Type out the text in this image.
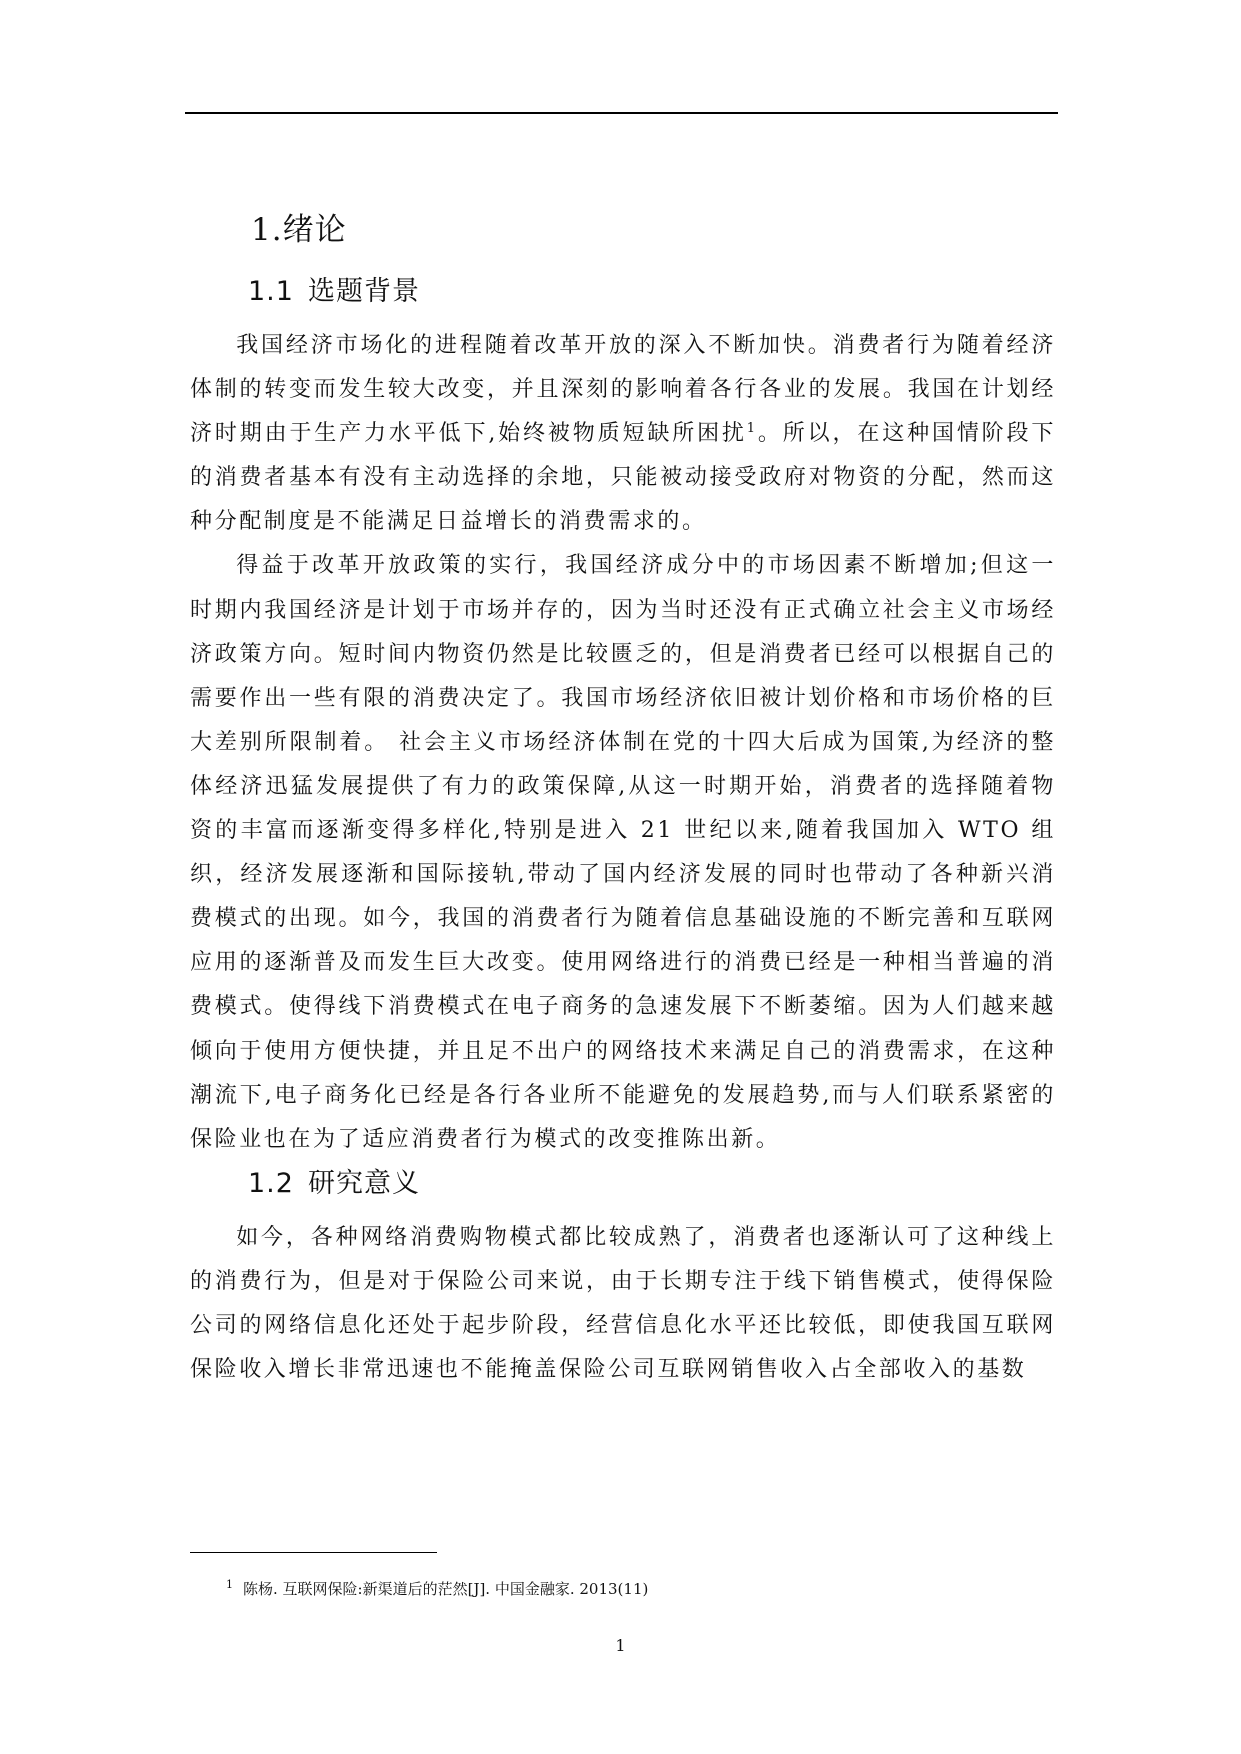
1.绪论
1.1 选题背景

我国经济市场化的进程随着改革开放的深入不断加快。消费者行为随着经济体制的转变而发生较大改变，并且深刻的影响着各行各业的发展。我国在计划经济时期由于生产力水平低下,始终被物质短缺所困扰$^1$。所以，在这种国情阶段下的消费者基本有没有主动选择的余地，只能被动接受政府对物资的分配，然而这种分配制度是不能满足日益增长的消费需求的。

得益于改革开放政策的实行，我国经济成分中的市场因素不断增加;但这一时期内我国经济是计划于市场并存的，因为当时还没有正式确立社会主义市场经济政策方向。短时间内物资仍然是比较匮乏的，但是消费者已经可以根据自己的需要作出一些有限的消费决定了。我国市场经济依旧被计划价格和市场价格的巨大差别所限制着。 社会主义市场经济体制在党的十四大后成为国策,为经济的整体经济迅猛发展提供了有力的政策保障,从这一时期开始，消费者的选择随着物资的丰富而逐渐变得多样化,特别是进入 21 世纪以来,随着我国加入 WTO 组织，经济发展逐渐和国际接轨,带动了国内经济发展的同时也带动了各种新兴消费模式的出现。如今，我国的消费者行为随着信息基础设施的不断完善和互联网应用的逐渐普及而发生巨大改变。使用网络进行的消费已经是一种相当普遍的消费模式。使得线下消费模式在电子商务的急速发展下不断萎缩。因为人们越来越倾向于使用方便快捷，并且足不出户的网络技术来满足自己的消费需求，在这种潮流下,电子商务化已经是各行各业所不能避免的发展趋势,而与人们联系紧密的保险业也在为了适应消费者行为模式的改变推陈出新。

1.2 研究意义

如今，各种网络消费购物模式都比较成熟了，消费者也逐渐认可了这种线上的消费行为，但是对于保险公司来说，由于长期专注于线下销售模式，使得保险公司的网络信息化还处于起步阶段，经营信息化水平还比较低，即使我国互联网保险收入增长非常迅速也不能掩盖保险公司互联网销售收入占全部收入的基数

$^1$ 陈杨. 互联网保险:新渠道后的茫然[J]. 中国金融家. 2013(11)
1
